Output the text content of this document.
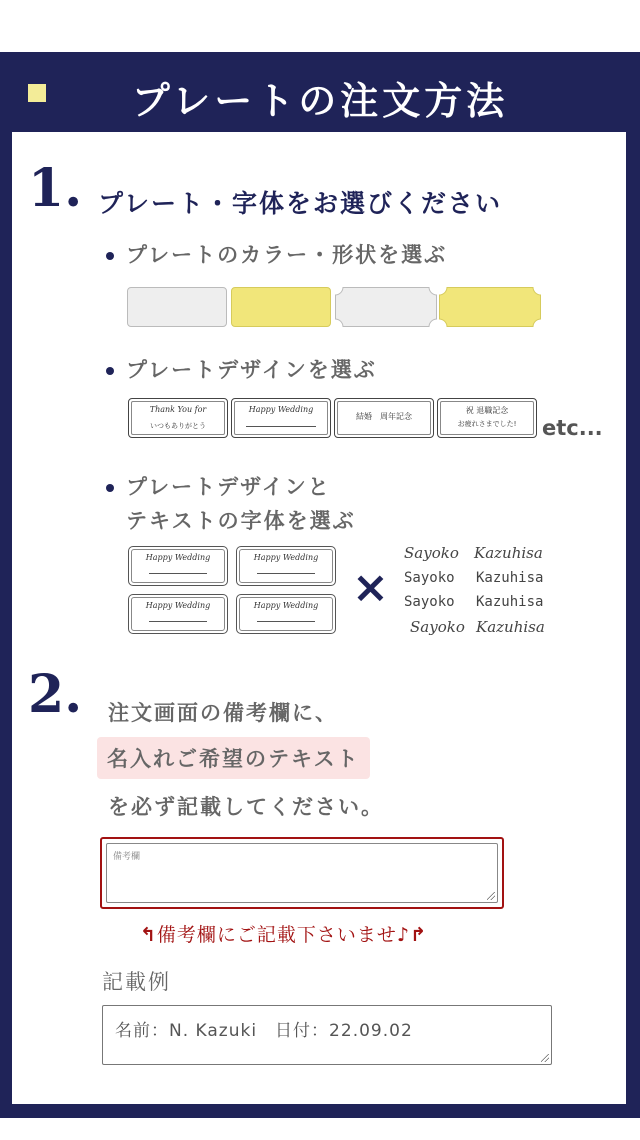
プレートの注文方法
1. プレート・字体をお選びください
プレートのカラー・形状を選ぶ
プレートデザインを選ぶ
Thank You for
いつもありがとう
Happy Wedding
結婚　周年記念
祝 退職記念
お疲れさまでした!	etc...
プレートデザインと
テキストの字体を選ぶ
Happy Wedding	Happy Wedding
Happy Wedding	Happy Wedding ×
Sayoko Kazuhisa
Sayoko Kazuhisa
Sayoko Kazuhisa
Sayoko Kazuhisa
2. 注文画面の備考欄に、
名入れご希望のテキスト
を必ず記載してください。
備考欄
↰備考欄にご記載下さいませ♪↱
記載例
名前：N. Kazuki　日付：22.09.02
